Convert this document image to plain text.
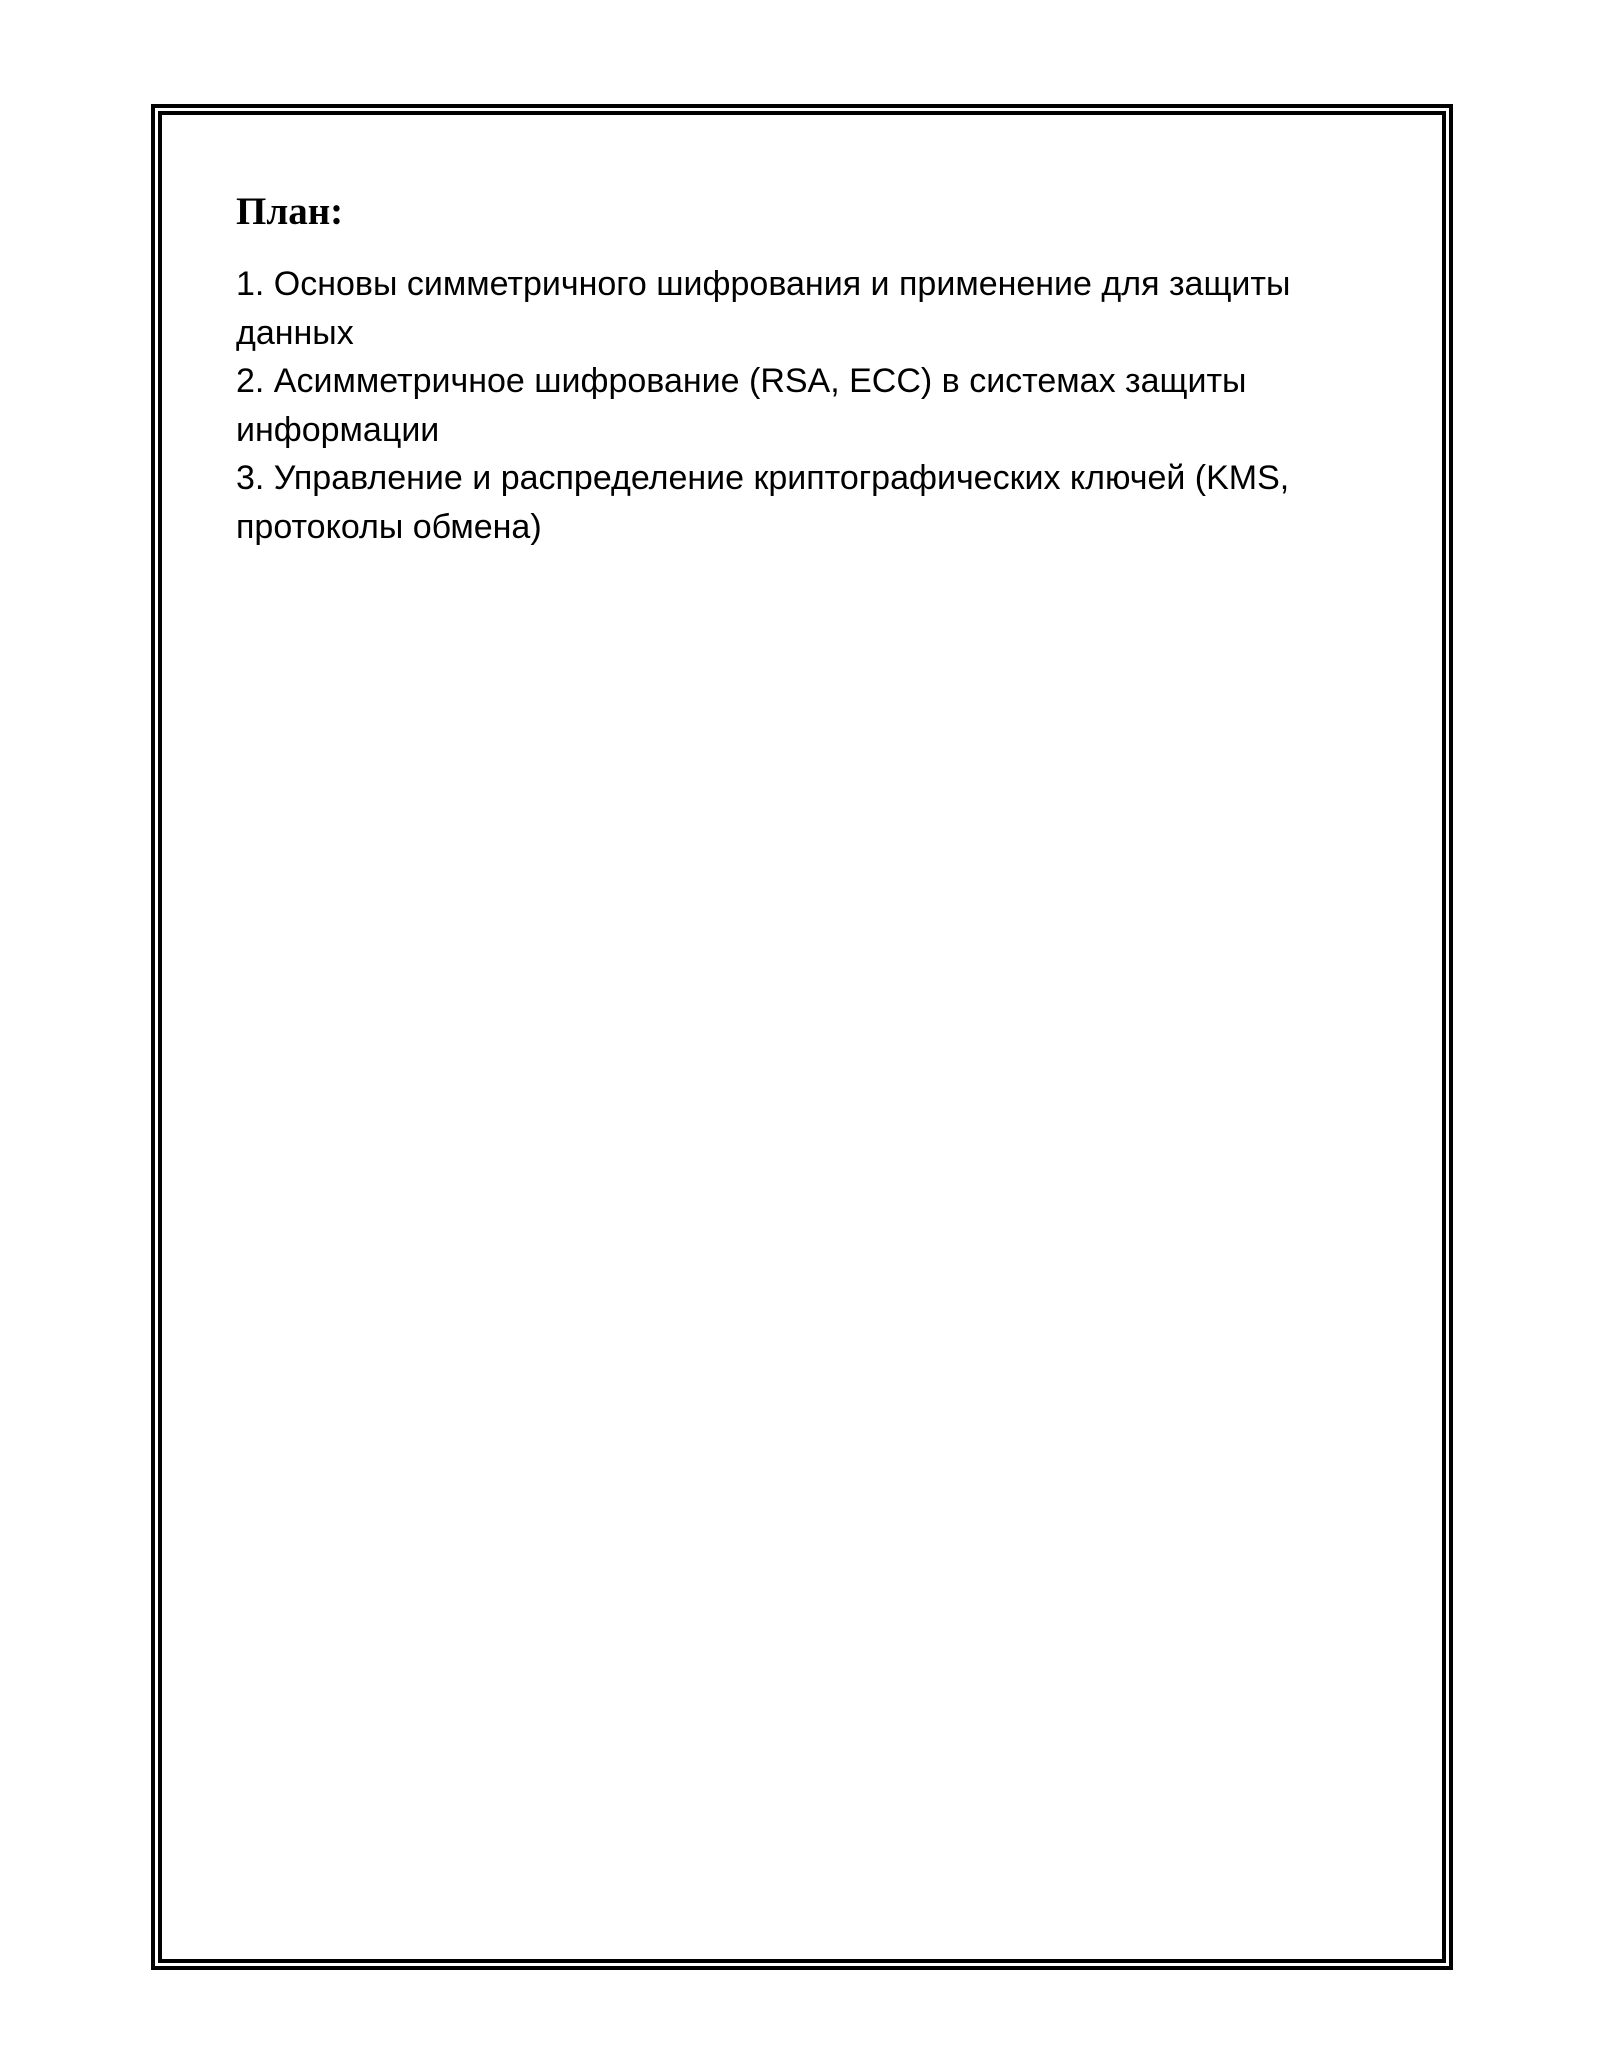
План:
1. Основы симметричного шифрования и применение для защиты данных
2. Асимметричное шифрование (RSA, ECC) в системах защиты информации
3. Управление и распределение криптографических ключей (KMS, протоколы обмена)
